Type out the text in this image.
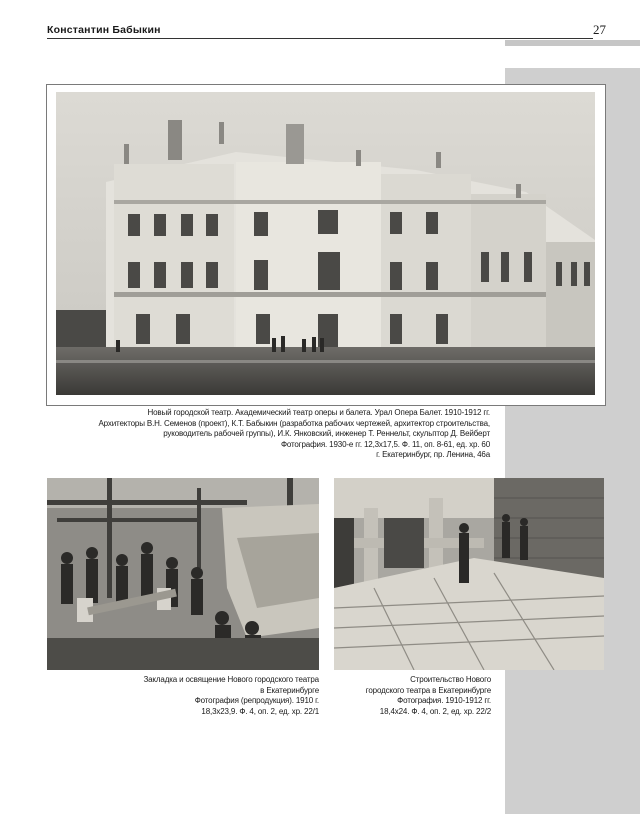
Константин Бабыкин	27
Новый городской театр. Академический театр оперы и балета. Урал Опера Балет. 1910-1912 гг.
Архитекторы В.Н. Семенов (проект), К.Т. Бабыкин (разработка рабочих чертежей, архитектор строительства,
руководитель рабочей группы), И.К. Янковский, инженер Т. Реннельт, скульптор Д. Вейберт
Фотография. 1930-е гг. 12,3х17,5. Ф. 11, оп. 8-61, ед. хр. 60
г. Екатеринбург, пр. Ленина, 46а
Закладка и освящение Нового городского театра
в Екатеринбурге
Фотография (репродукция). 1910 г.
18,3х23,9. Ф. 4, оп. 2, ед. хр. 22/1
Строительство Нового
городского театра в Екатеринбурге
Фотография. 1910-1912 гг.
18,4х24. Ф. 4, оп. 2, ед. хр. 22/2
